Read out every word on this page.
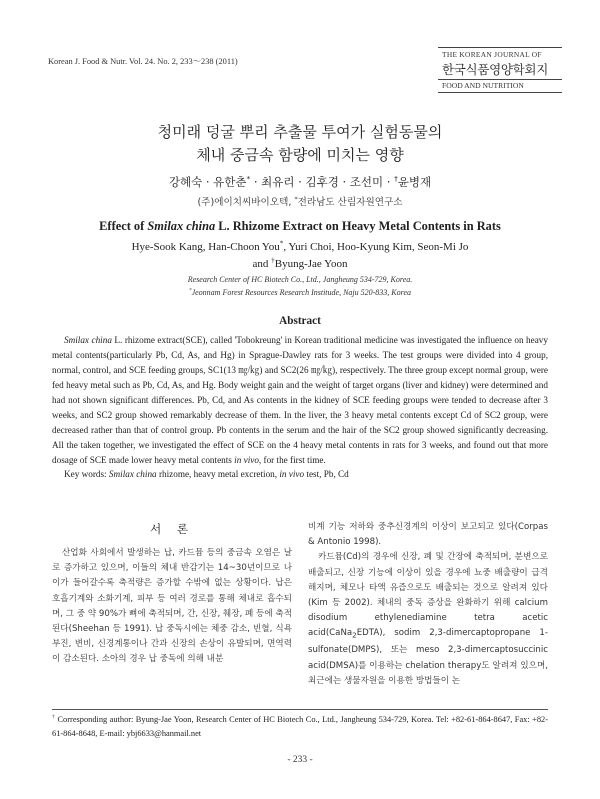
Korean J. Food & Nutr. Vol. 24. No. 2, 233～238 (2011)
THE KOREAN JOURNAL OF
한국식품영양학회지
FOOD AND NUTRITION
청미래 덩굴 뿌리 추출물 투여가 실험동물의
체내 중금속 함량에 미치는 영향
강혜숙 · 유한춘* · 최유리 · 김후경 · 조선미 · †윤병재
(주)에이치씨바이오텍, *전라남도 산림자원연구소
Effect of Smilax china L. Rhizome Extract on Heavy Metal Contents in Rats
Hye-Sook Kang, Han-Choon You*, Yuri Choi, Hoo-Kyung Kim, Seon-Mi Jo
and †Byung-Jae Yoon
Research Center of HC Biotech Co., Ltd., Jangheung 534-729, Korea.
*Jeonnam Forest Resources Research Institude, Naju 520-833, Korea
Abstract
Smilax china L. rhizome extract(SCE), called 'Tobokreung' in Korean traditional medicine was investigated the influence on heavy metal contents(particularly Pb, Cd, As, and Hg) in Sprague-Dawley rats for 3 weeks. The test groups were divided into 4 group, normal, control, and SCE feeding groups, SC1(13 ㎎/㎏) and SC2(26 ㎎/㎏), respectively. The three group except normal group, were fed heavy metal such as Pb, Cd, As, and Hg. Body weight gain and the weight of target organs (liver and kidney) were determined and had not shown significant differences. Pb, Cd, and As contents in the kidney of SCE feeding groups were tended to decrease after 3 weeks, and SC2 group showed remarkably decrease of them. In the liver, the 3 heavy metal contents except Cd of SC2 group, were decreased rather than that of control group. Pb contents in the serum and the hair of the SC2 group showed significantly decreasing. All the taken together, we investigated the effect of SCE on the 4 heavy metal contents in rats for 3 weeks, and found out that more dosage of SCE made lower heavy metal contents in vivo, for the first time.
Key words: Smilax china rhizome, heavy metal excretion, in vivo test, Pb, Cd
서 론

산업화 사회에서 발생하는 납, 카드뮴 등의 중금속 오염은 날로 증가하고 있으며, 이들의 체내 반감기는 14~30년이므로 나이가 들어갈수록 축적량은 증가할 수밖에 없는 상황이다. 납은 호흡기계와 소화기계, 피부 등 여러 경로를 통해 체내로 흡수되며, 그 중 약 90%가 뼈에 축적되며, 간, 신장, 췌장, 폐 등에 축적된다(Sheehan 등 1991). 납 중독시에는 체중 감소, 빈혈, 식욕 부진, 변비, 신경계통이나 간과 신장의 손상이 유발되며, 면역력이 감소된다. 소아의 경우 납 중독에 의해 내분

비계 기능 저하와 중추신경계의 이상이 보고되고 있다(Corpas & Antonio 1998).

카드뮴(Cd)의 경우에 신장, 폐 및 간장에 축적되며, 분변으로 배출되고, 신장 기능에 이상이 있을 경우에 뇨중 배출량이 급격해지며, 체모나 타액 유즙으로도 배출되는 것으로 알려져 있다(Kim 등 2002). 체내의 중독 증상을 완화하기 위해 calcium disodium ethylenediamine tetra acetic acid(CaNa$_2$EDTA), sodim 2,3-dimercaptopropane 1-sulfonate(DMPS), 또는 meso 2,3-dimercaptosuccinic acid(DMSA)를 이용하는 chelation therapy도 알려져 있으며, 최근에는 생물자원을 이용한 방법들이 논

† Corresponding author: Byung-Jae Yoon, Research Center of HC Biotech Co., Ltd., Jangheung 534-729, Korea. Tel: +82-61-864-8647, Fax: +82- 61-864-8648, E-mail: ybj6633@hanmail.net
- 233 -
